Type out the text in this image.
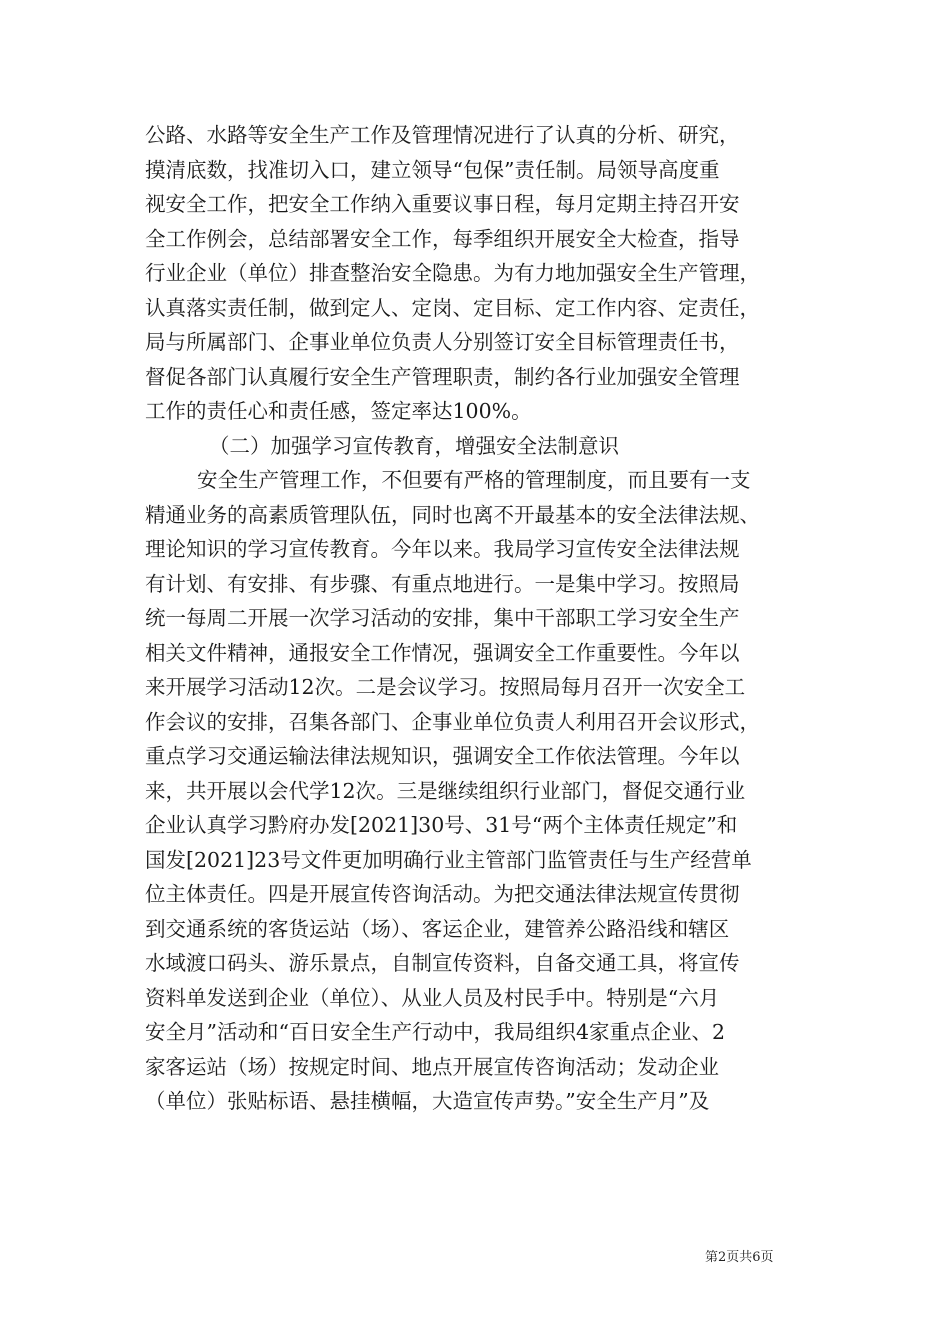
公路、水路等安全生产工作及管理情况进行了认真的分析、研究，
摸清底数，找准切入口，建立领导“包保”责任制。局领导高度重
视安全工作，把安全工作纳入重要议事日程，每月定期主持召开安
全工作例会，总结部署安全工作，每季组织开展安全大检查，指导
行业企业（单位）排查整治安全隐患。为有力地加强安全生产管理，
认真落实责任制，做到定人、定岗、定目标、定工作内容、定责任，
局与所属部门、企事业单位负责人分别签订安全目标管理责任书，
督促各部门认真履行安全生产管理职责，制约各行业加强安全管理
工作的责任心和责任感，签定率达100%。
（二）加强学习宣传教育，增强安全法制意识
安全生产管理工作，不但要有严格的管理制度，而且要有一支
精通业务的高素质管理队伍，同时也离不开最基本的安全法律法规、
理论知识的学习宣传教育。今年以来。我局学习宣传安全法律法规
有计划、有安排、有步骤、有重点地进行。一是集中学习。按照局
统一每周二开展一次学习活动的安排，集中干部职工学习安全生产
相关文件精神，通报安全工作情况，强调安全工作重要性。今年以
来开展学习活动12次。二是会议学习。按照局每月召开一次安全工
作会议的安排，召集各部门、企事业单位负责人利用召开会议形式，
重点学习交通运输法律法规知识，强调安全工作依法管理。今年以
来，共开展以会代学12次。三是继续组织行业部门，督促交通行业
企业认真学习黔府办发[2021]30号、31号“两个主体责任规定”和
国发[2021]23号文件更加明确行业主管部门监管责任与生产经营单
位主体责任。四是开展宣传咨询活动。为把交通法律法规宣传贯彻
到交通系统的客货运站（场）、客运企业，建管养公路沿线和辖区
水域渡口码头、游乐景点，自制宣传资料，自备交通工具，将宣传
资料单发送到企业（单位）、从业人员及村民手中。特别是“六月
安全月”活动和“百日安全生产行动中，我局组织4家重点企业、2
家客运站（场）按规定时间、地点开展宣传咨询活动；发动企业
（单位）张贴标语、悬挂横幅，大造宣传声势。”安全生产月”及
第2页共6页
